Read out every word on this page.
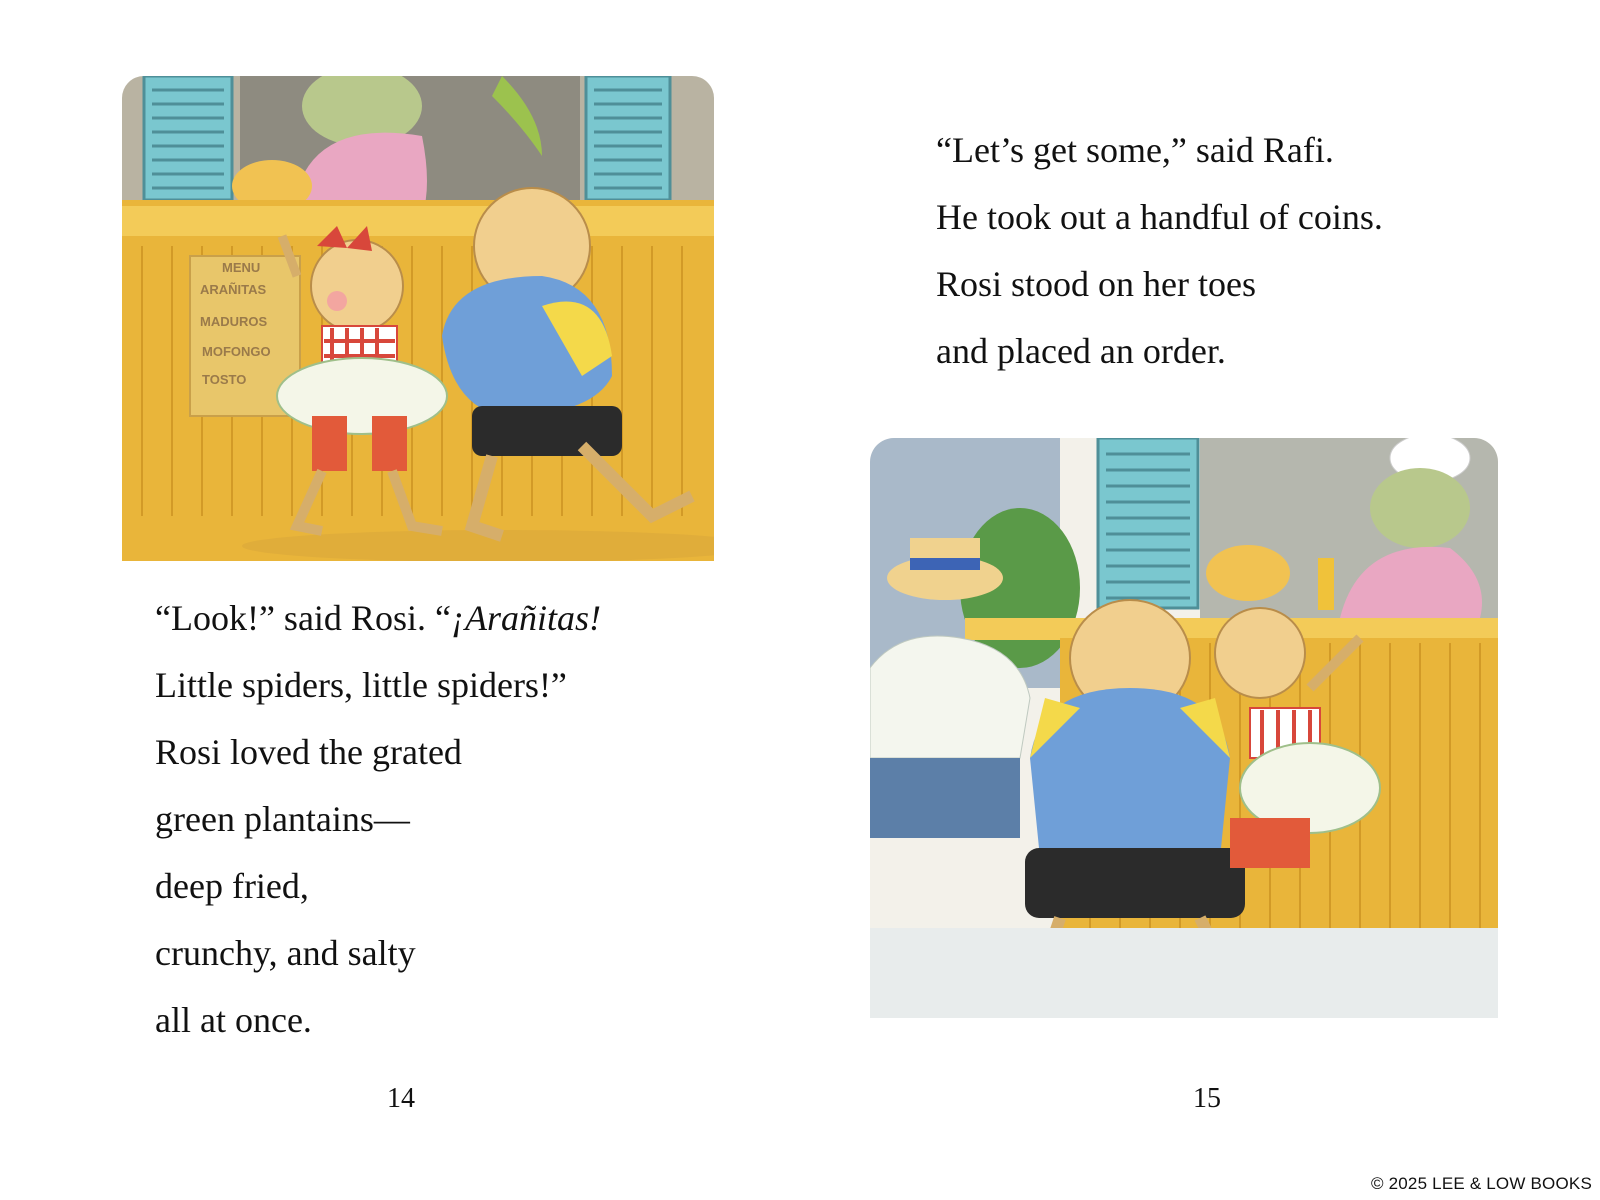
MENU
ARAÑITAS
MADUROS
MOFONGO
TOSTO

“Look!” said Rosi. “¡Arañitas!

Little spiders, little spiders!”

Rosi loved the grated

green plantains—

deep fried,

crunchy, and salty

all at once.

14

“Let’s get some,” said Rafi.

He took out a handful of coins.

Rosi stood on her toes

and placed an order.

15
© 2025 LEE & LOW BOOKS
